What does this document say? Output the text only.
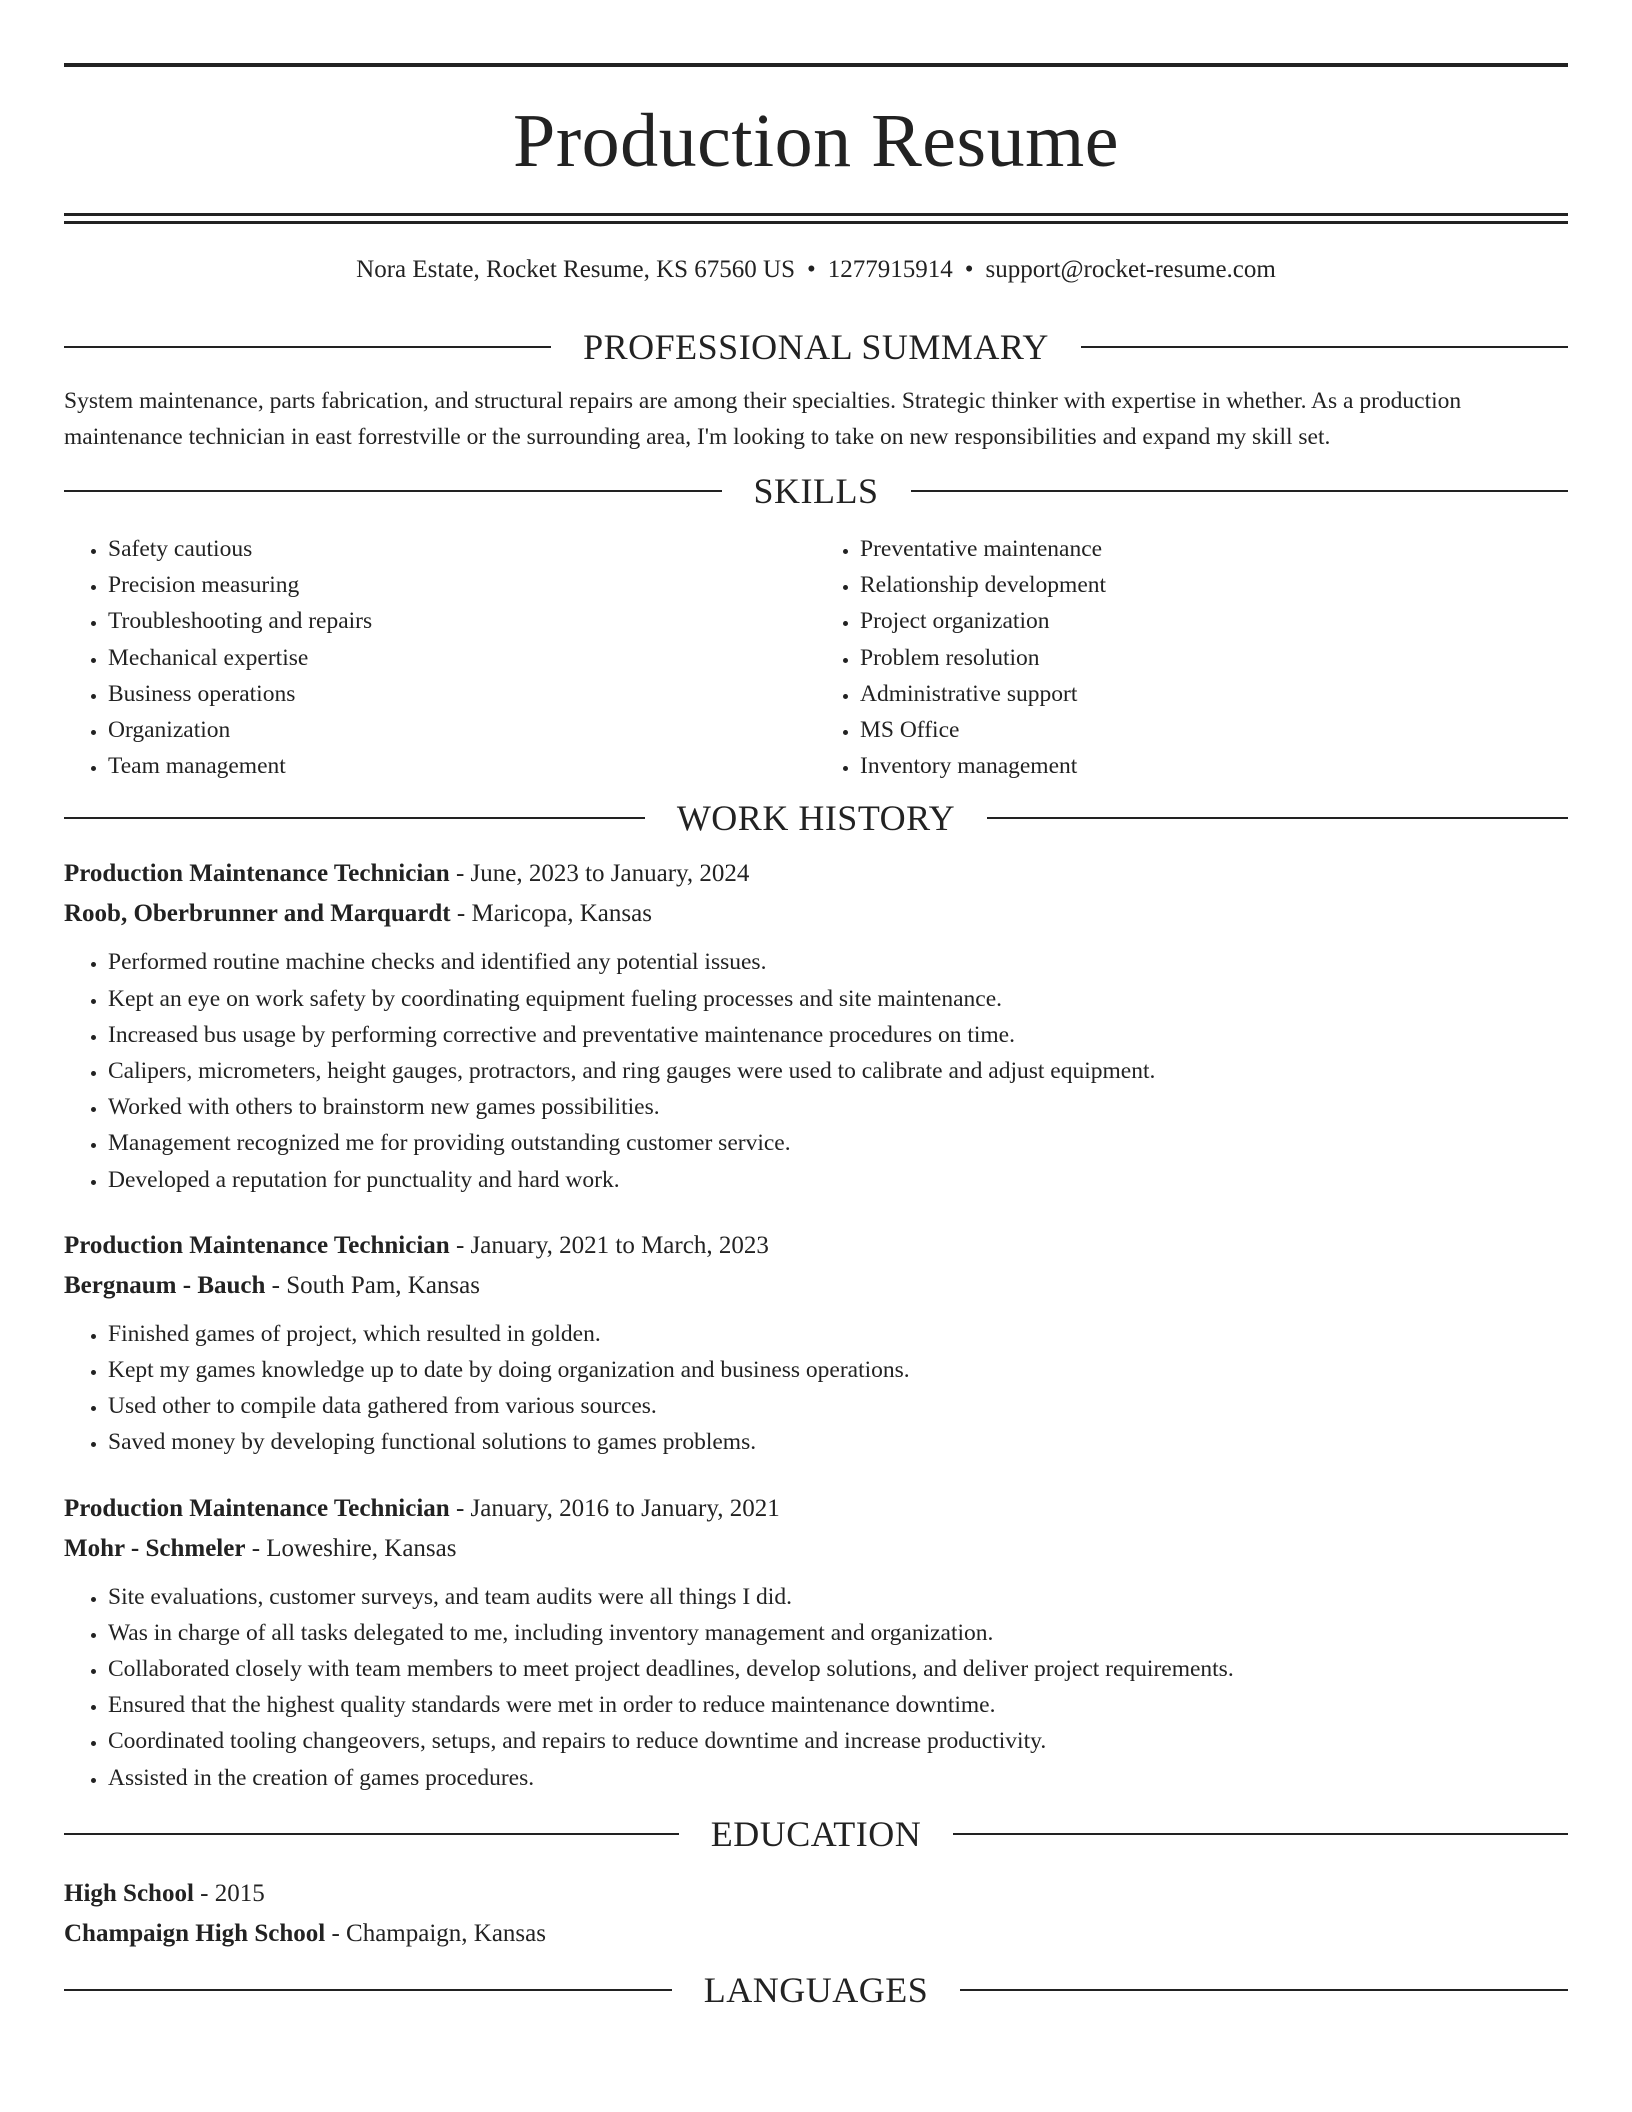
Production Resume
Nora Estate, Rocket Resume, KS 67560 US • 1277915914 • support@rocket-resume.com
PROFESSIONAL SUMMARY
System maintenance, parts fabrication, and structural repairs are among their specialties. Strategic thinker with expertise in whether. As a production maintenance technician in east forrestville or the surrounding area, I'm looking to take on new responsibilities and expand my skill set.
SKILLS
• Safety cautious
• Precision measuring
• Troubleshooting and repairs
• Mechanical expertise
• Business operations
• Organization
• Team management
• Preventative maintenance
• Relationship development
• Project organization
• Problem resolution
• Administrative support
• MS Office
• Inventory management
WORK HISTORY
Production Maintenance Technician - June, 2023 to January, 2024
Roob, Oberbrunner and Marquardt - Maricopa, Kansas
• Performed routine machine checks and identified any potential issues.
• Kept an eye on work safety by coordinating equipment fueling processes and site maintenance.
• Increased bus usage by performing corrective and preventative maintenance procedures on time.
• Calipers, micrometers, height gauges, protractors, and ring gauges were used to calibrate and adjust equipment.
• Worked with others to brainstorm new games possibilities.
• Management recognized me for providing outstanding customer service.
• Developed a reputation for punctuality and hard work.
Production Maintenance Technician - January, 2021 to March, 2023
Bergnaum - Bauch - South Pam, Kansas
• Finished games of project, which resulted in golden.
• Kept my games knowledge up to date by doing organization and business operations.
• Used other to compile data gathered from various sources.
• Saved money by developing functional solutions to games problems.
Production Maintenance Technician - January, 2016 to January, 2021
Mohr - Schmeler - Loweshire, Kansas
• Site evaluations, customer surveys, and team audits were all things I did.
• Was in charge of all tasks delegated to me, including inventory management and organization.
• Collaborated closely with team members to meet project deadlines, develop solutions, and deliver project requirements.
• Ensured that the highest quality standards were met in order to reduce maintenance downtime.
• Coordinated tooling changeovers, setups, and repairs to reduce downtime and increase productivity.
• Assisted in the creation of games procedures.
EDUCATION
High School - 2015
Champaign High School - Champaign, Kansas
LANGUAGES
